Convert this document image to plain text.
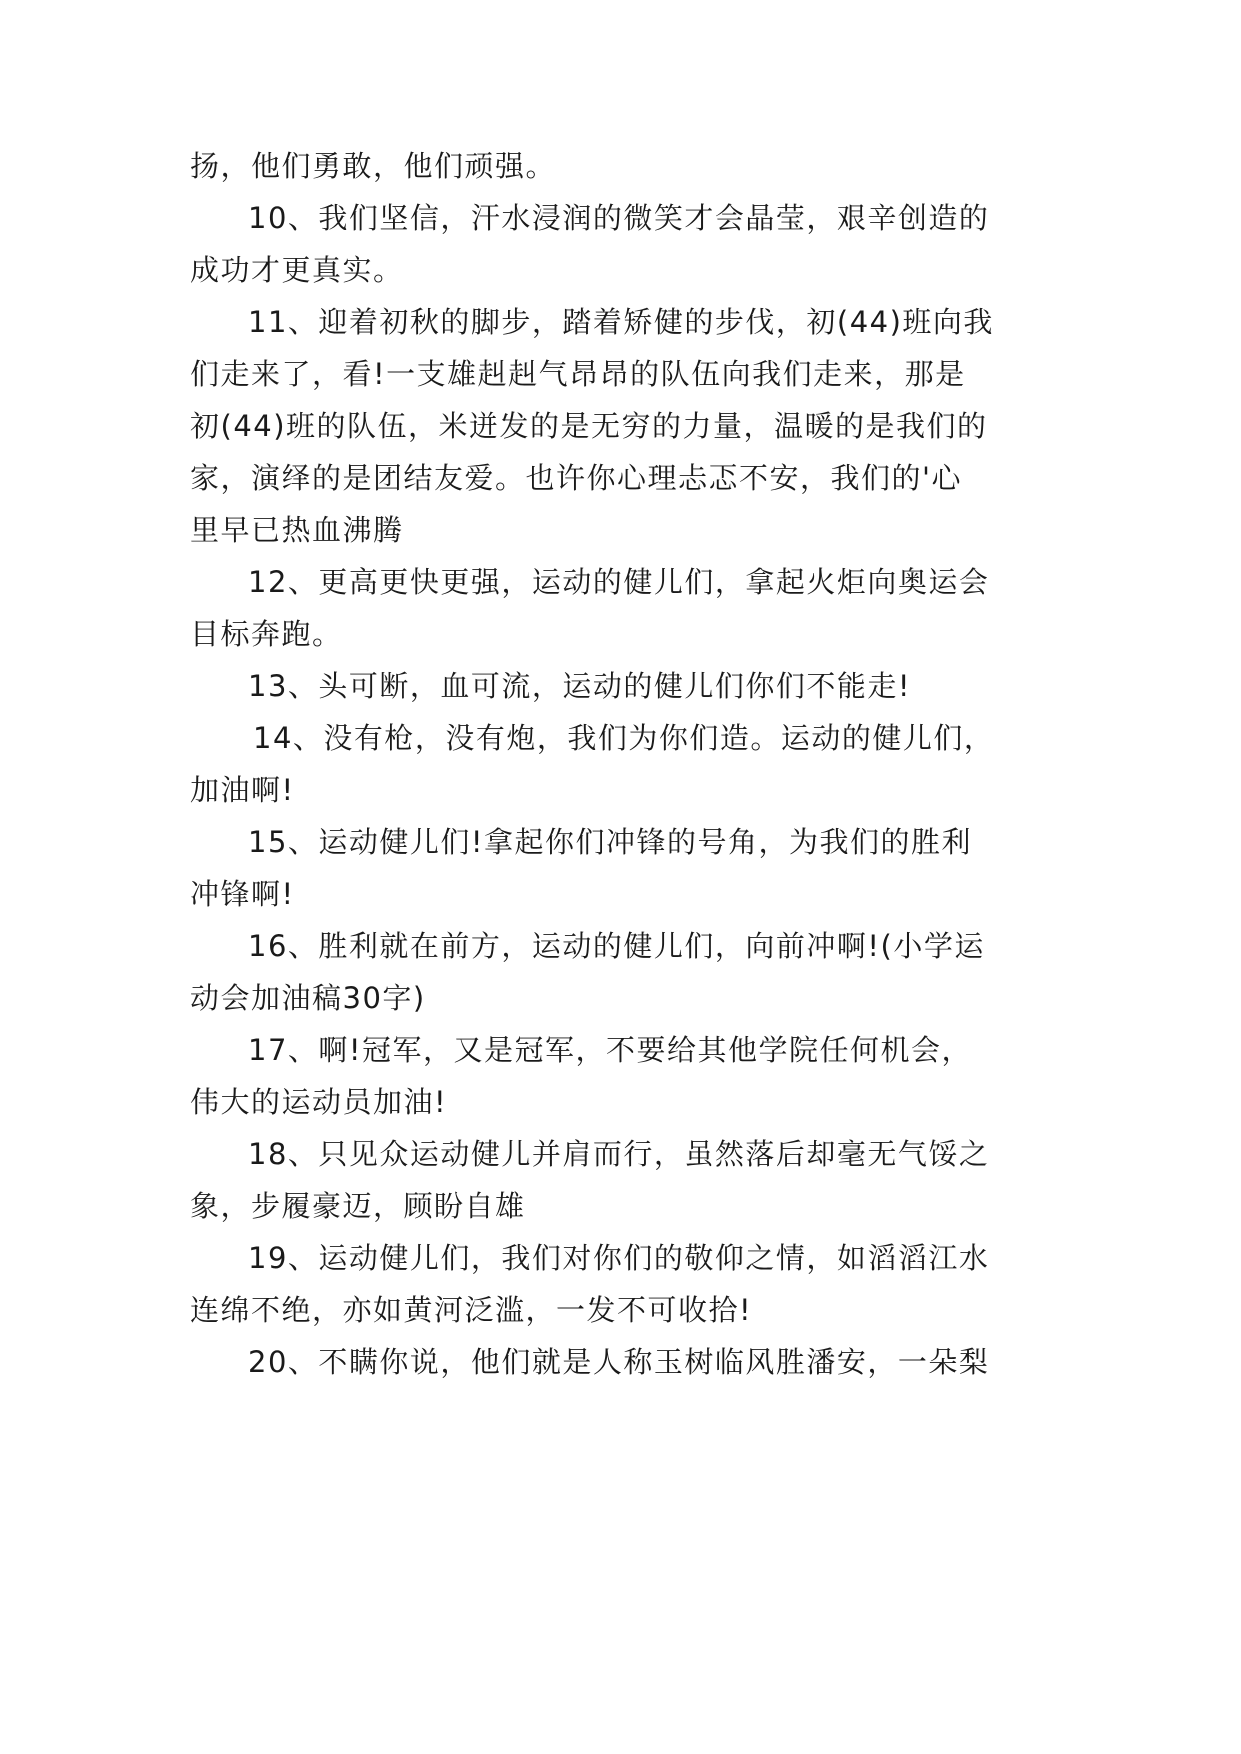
扬，他们勇敢，他们顽强。
10、我们坚信，汗水浸润的微笑才会晶莹，艰辛创造的
成功才更真实。
11、迎着初秋的脚步，踏着矫健的步伐，初(44)班向我
们走来了，看!一支雄赳赳气昂昂的队伍向我们走来，那是
初(44)班的队伍，米迸发的是无穷的力量，温暖的是我们的
家，演绎的是团结友爱。也许你心理忐忑不安，我们的'心
里早已热血沸腾
12、更高更快更强，运动的健儿们，拿起火炬向奥运会
目标奔跑。
13、头可断，血可流，运动的健儿们你们不能走!
14、没有枪，没有炮，我们为你们造。运动的健儿们，
加油啊!
15、运动健儿们!拿起你们冲锋的号角，为我们的胜利
冲锋啊!
16、胜利就在前方，运动的健儿们，向前冲啊!(小学运
动会加油稿30字)
17、啊!冠军，又是冠军，不要给其他学院任何机会，
伟大的运动员加油!
18、只见众运动健儿并肩而行，虽然落后却毫无气馁之
象，步履豪迈，顾盼自雄
19、运动健儿们，我们对你们的敬仰之情，如滔滔江水
连绵不绝，亦如黄河泛滥，一发不可收拾!
20、不瞒你说，他们就是人称玉树临风胜潘安，一朵梨
